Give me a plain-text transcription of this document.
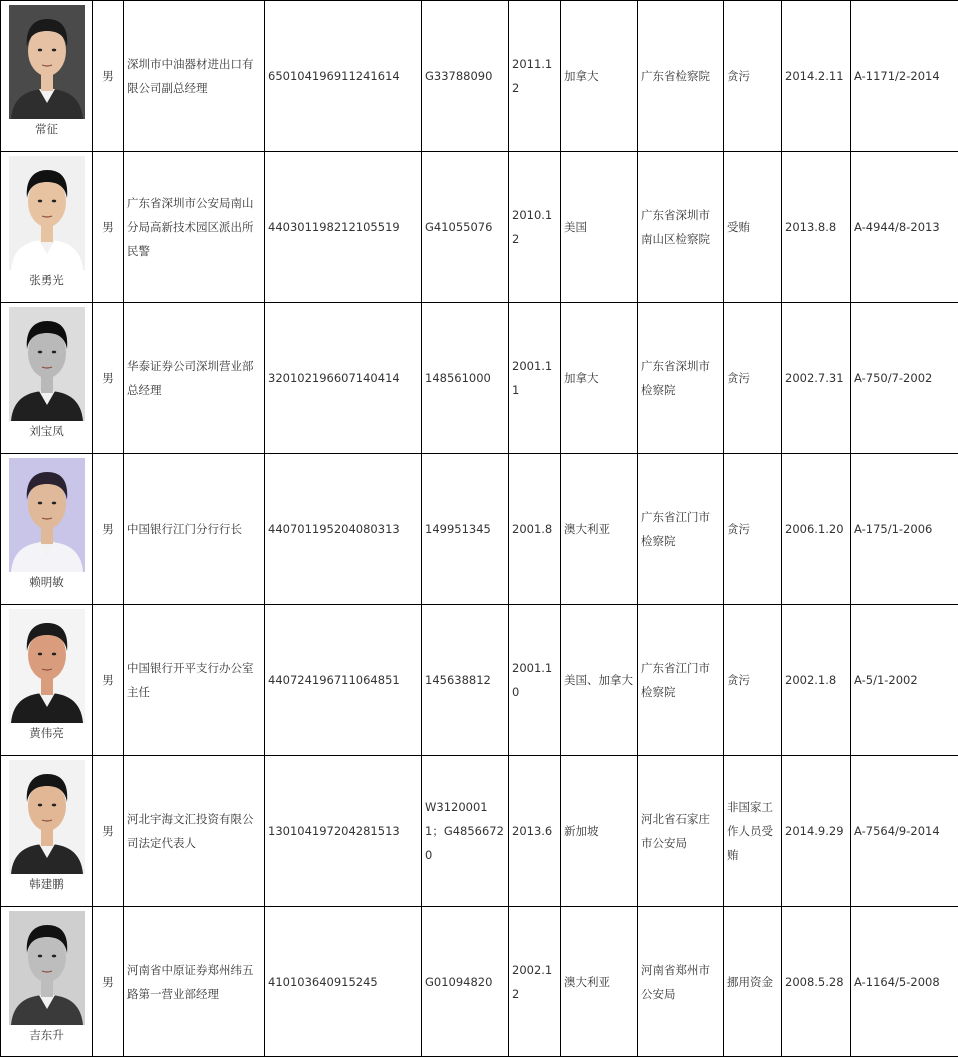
常征	男	深圳市中油器材进出口有限公司副总经理	650104196911241614	G33788090	2011.12	加拿大	广东省检察院	贪污	2014.2.11	A-1171/2-2014

张勇光	男	广东省深圳市公安局南山分局高新技术园区派出所民警	440301198212105519	G41055076	2010.12	美国	广东省深圳市南山区检察院	受贿	2013.8.8	A-4944/8-2013

刘宝凤	男	华泰证券公司深圳营业部总经理	320102196607140414	148561000	2001.11	加拿大	广东省深圳市检察院	贪污	2002.7.31	A-750/7-2002

赖明敏	男	中国银行江门分行行长	440701195204080313	149951345	2001.8	澳大利亚	广东省江门市检察院	贪污	2006.1.20	A-175/1-2006

黄伟亮	男	中国银行开平支行办公室主任	440724196711064851	145638812	2001.10	美国、加拿大	广东省江门市检察院	贪污	2002.1.8	A-5/1-2002

韩建鹏	男	河北宇海文汇投资有限公司法定代表人	130104197204281513	W31200011；G48566720	2013.6	新加坡	河北省石家庄市公安局	非国家工作人员受贿	2014.9.29	A-7564/9-2014

吉东升	男	河南省中原证券郑州纬五路第一营业部经理	410103640915245	G01094820	2002.12	澳大利亚	河南省郑州市公安局	挪用资金	2008.5.28	A-1164/5-2008
